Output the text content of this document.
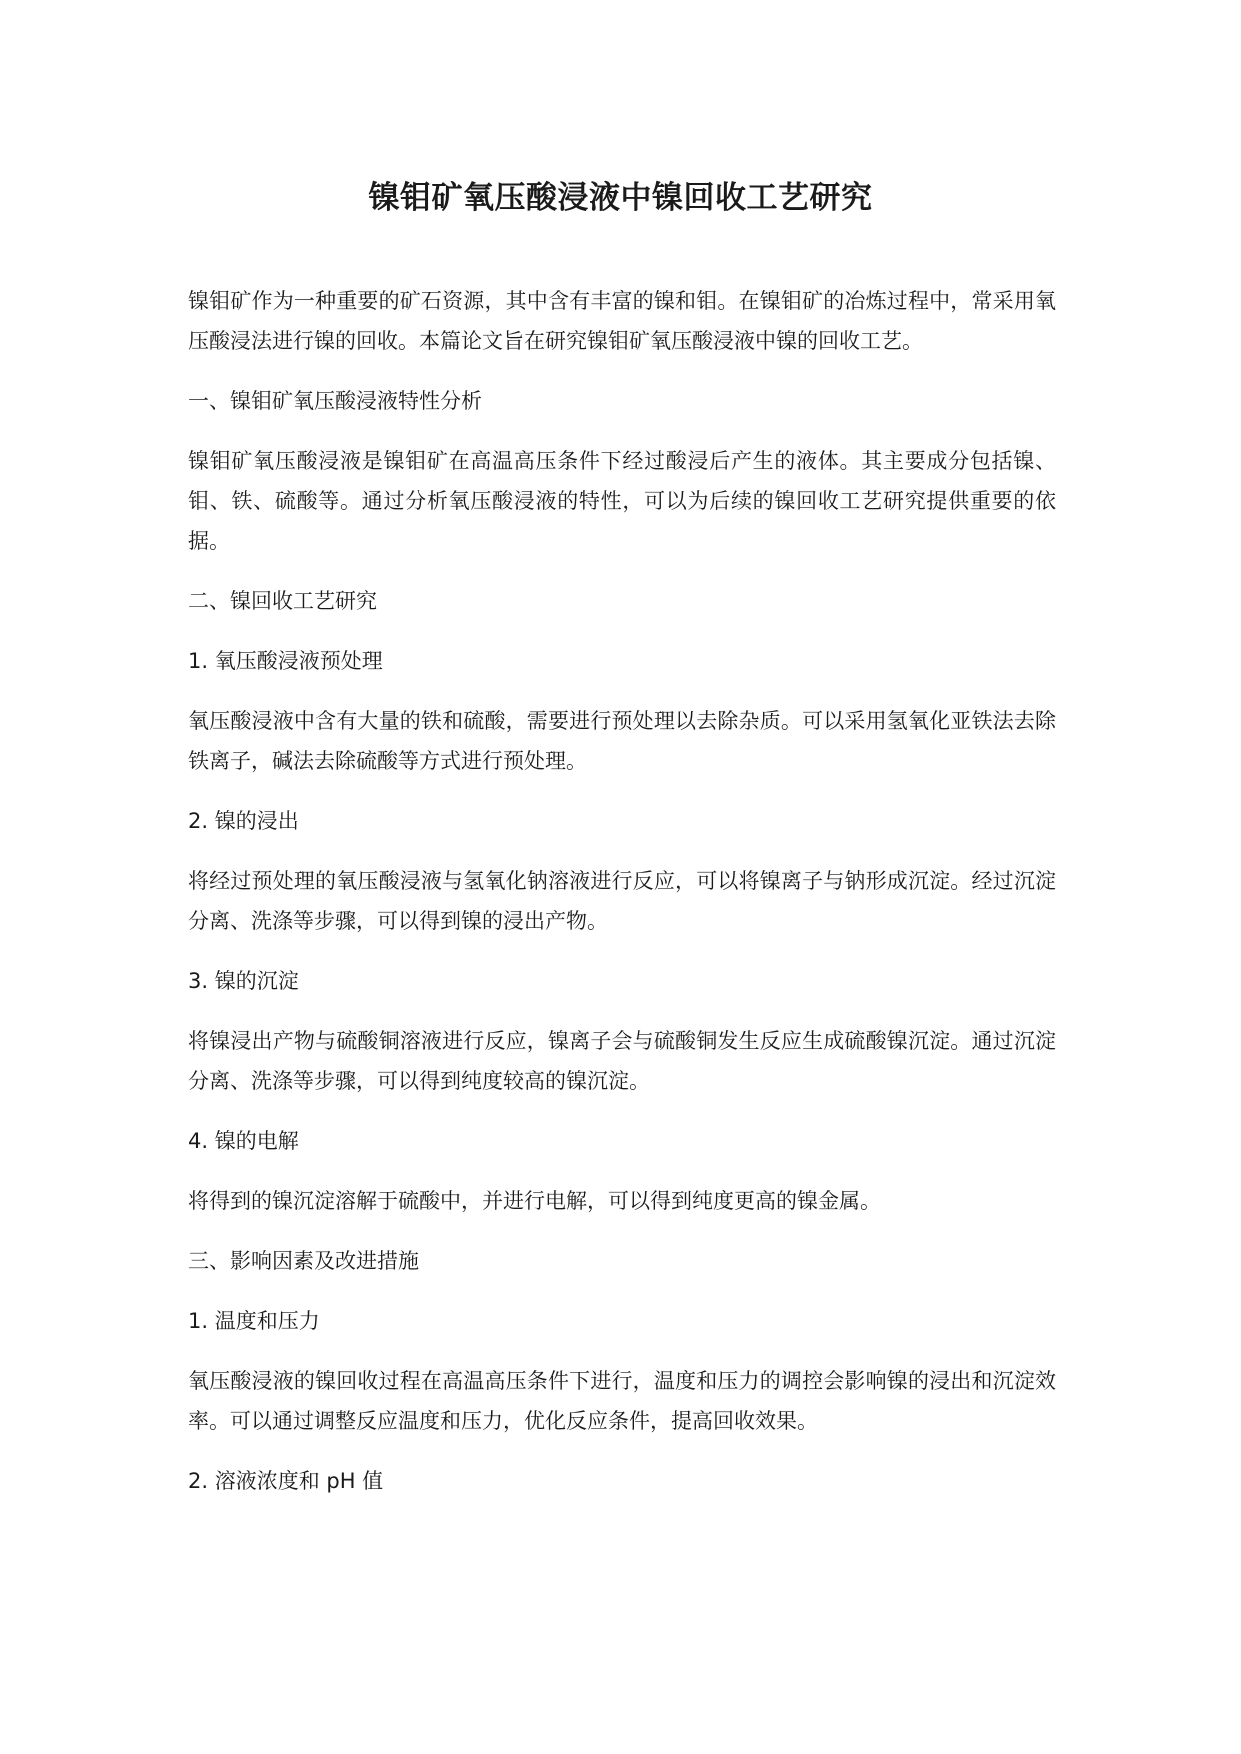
镍钼矿氧压酸浸液中镍回收工艺研究

镍钼矿作为一种重要的矿石资源，其中含有丰富的镍和钼。在镍钼矿的冶炼过程中，常采用氧压酸浸法进行镍的回收。本篇论文旨在研究镍钼矿氧压酸浸液中镍的回收工艺。

一、镍钼矿氧压酸浸液特性分析

镍钼矿氧压酸浸液是镍钼矿在高温高压条件下经过酸浸后产生的液体。其主要成分包括镍、钼、铁、硫酸等。通过分析氧压酸浸液的特性，可以为后续的镍回收工艺研究提供重要的依据。

二、镍回收工艺研究

1. 氧压酸浸液预处理

氧压酸浸液中含有大量的铁和硫酸，需要进行预处理以去除杂质。可以采用氢氧化亚铁法去除铁离子，碱法去除硫酸等方式进行预处理。

2. 镍的浸出

将经过预处理的氧压酸浸液与氢氧化钠溶液进行反应，可以将镍离子与钠形成沉淀。经过沉淀分离、洗涤等步骤，可以得到镍的浸出产物。

3. 镍的沉淀

将镍浸出产物与硫酸铜溶液进行反应，镍离子会与硫酸铜发生反应生成硫酸镍沉淀。通过沉淀分离、洗涤等步骤，可以得到纯度较高的镍沉淀。

4. 镍的电解

将得到的镍沉淀溶解于硫酸中，并进行电解，可以得到纯度更高的镍金属。

三、影响因素及改进措施

1. 温度和压力

氧压酸浸液的镍回收过程在高温高压条件下进行，温度和压力的调控会影响镍的浸出和沉淀效率。可以通过调整反应温度和压力，优化反应条件，提高回收效果。

2. 溶液浓度和 pH 值
